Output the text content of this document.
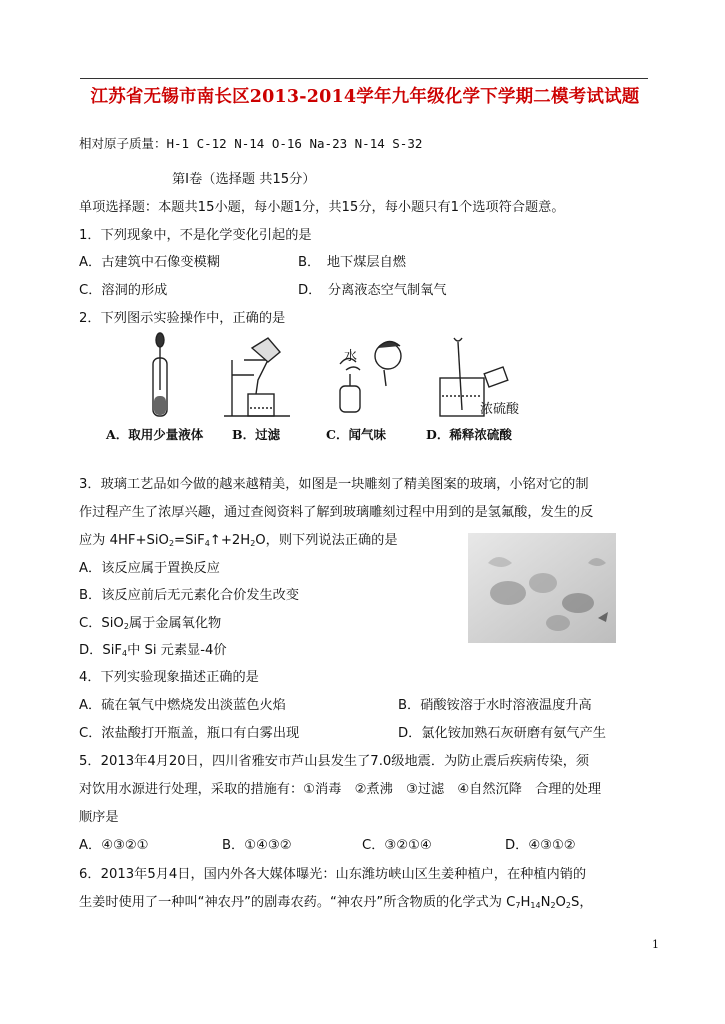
江苏省无锡市南长区2013-2014学年九年级化学下学期二模考试试题
相对原子质量：H-1 C-12 N-14 O-16 Na-23 N-14 S-32
第Ⅰ卷（选择题 共15分）
单项选择题：本题共15小题，每小题1分，共15分，每小题只有1个选项符合题意。
1．下列现象中，不是化学变化引起的是
A．古建筑中石像变模糊	B．　地下煤层自燃
C．溶洞的形成	D．　分离液态空气制氧气
2．下列图示实验操作中，正确的是
水
浓硫酸
A．取用少量液体 B．过滤	C．闻气味	D．稀释浓硫酸
3．玻璃工艺品如今做的越来越精美，如图是一块雕刻了精美图案的玻璃，小铭对它的制
作过程产生了浓厚兴趣，通过查阅资料了解到玻璃雕刻过程中用到的是氢氟酸，发生的反
应为 $4HF+SiO_2=SiF_4↑+2H_2O$，则下列说法正确的是
A．该反应属于置换反应
B．该反应前后无元素化合价发生改变
C．SiO$_2$属于金属氧化物
D．SiF$_4$中 Si 元素显-4价
4．下列实验现象描述正确的是
A．硫在氧气中燃烧发出淡蓝色火焰	B．硝酸铵溶于水时溶液温度升高
C．浓盐酸打开瓶盖，瓶口有白雾出现	D．氯化铵加熟石灰研磨有氨气产生
5．2013年4月20日，四川省雅安市芦山县发生了7.0级地震．为防止震后疾病传染，须
对饮用水源进行处理，采取的措施有：①消毒　②煮沸　③过滤　④自然沉降　合理的处理
顺序是
A．④③②①	B．①④③②	C．③②①④	D．④③①②
6．2013年5月4日，国内外各大媒体曝光：山东潍坊峡山区生姜种植户，在种植内销的
生姜时使用了一种叫“神农丹”的剧毒农药。“神农丹”所含物质的化学式为 $C_7H_{14}N_2O_2S$，
1
